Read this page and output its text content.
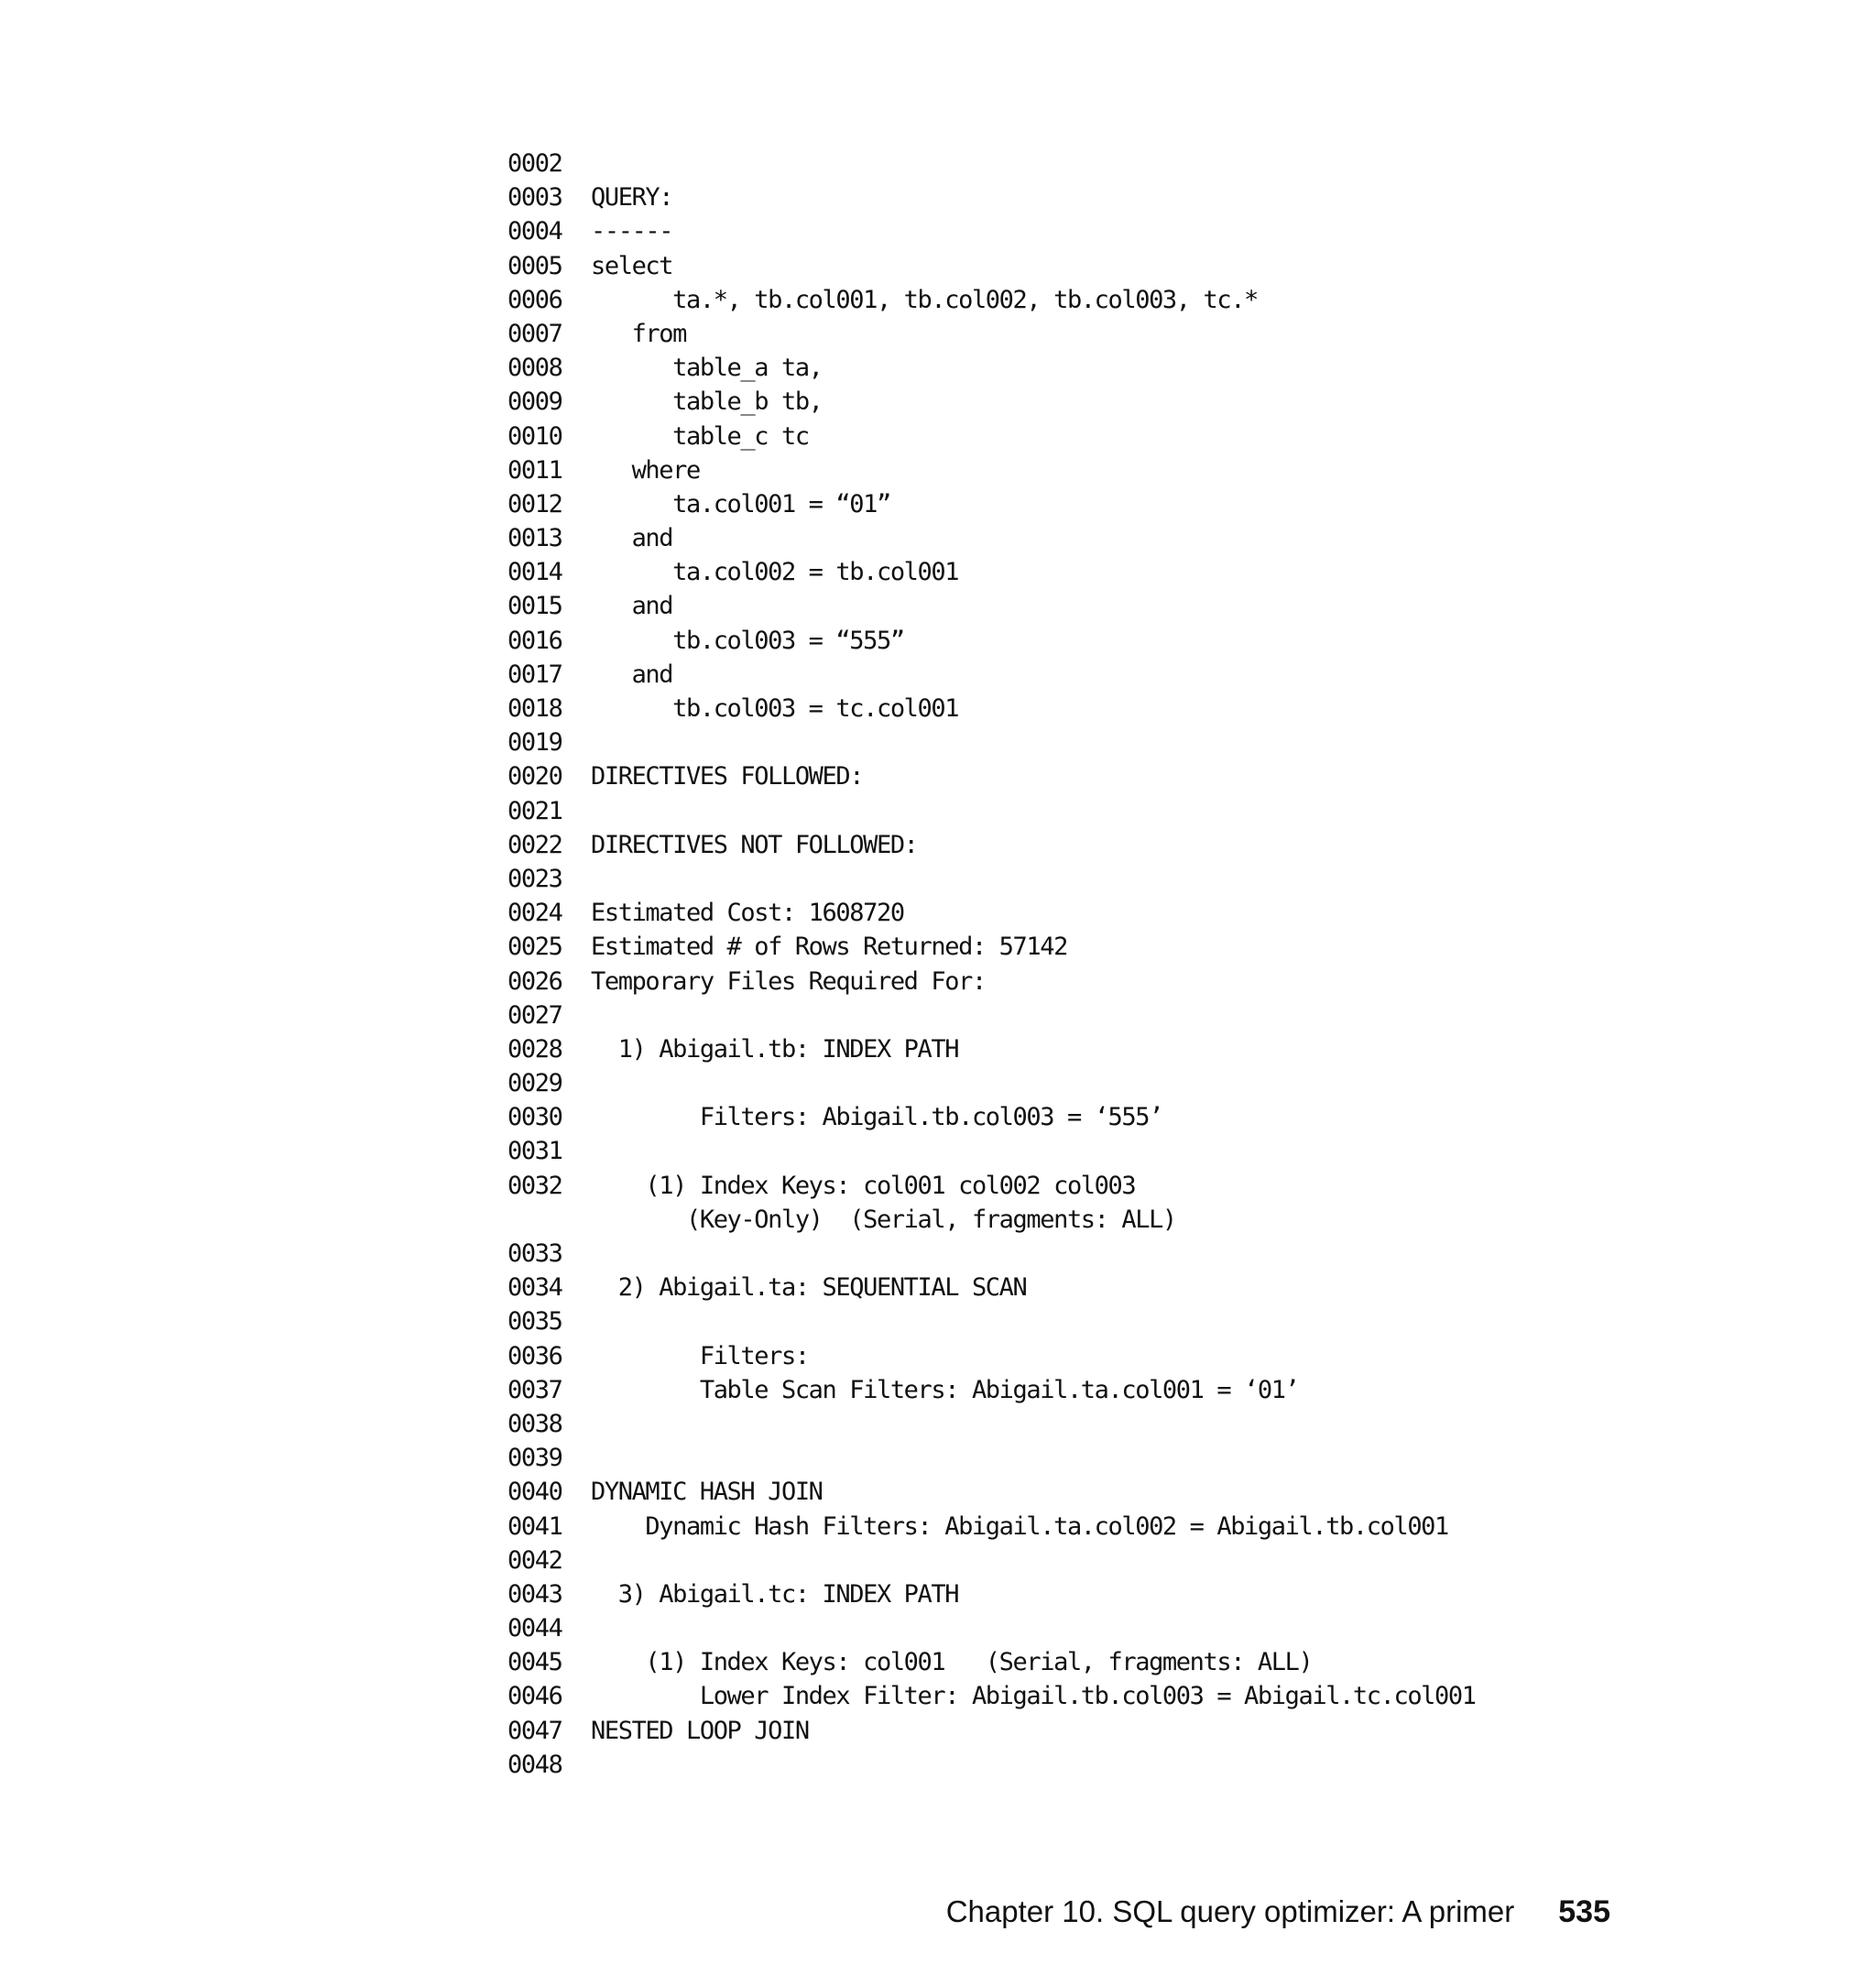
0002
0003	QUERY:
0004	------
0005	select
0006	ta.*, tb.col001, tb.col002, tb.col003, tc.*
0007	from
0008	table_a ta,
0009	table_b tb,
0010	table_c tc
0011	where
0012	ta.col001 = “01”
0013	and
0014	ta.col002 = tb.col001
0015	and
0016	tb.col003 = “555”
0017	and
0018	tb.col003 = tc.col001
0019
0020	DIRECTIVES FOLLOWED:
0021
0022	DIRECTIVES NOT FOLLOWED:
0023
0024	Estimated Cost: 1608720
0025	Estimated # of Rows Returned: 57142
0026	Temporary Files Required For:
0027
0028	1) Abigail.tb: INDEX PATH
0029
0030	Filters: Abigail.tb.col003 = ‘555’
0031
0032	(1) Index Keys: col001 col002 col003
(Key-Only)  (Serial, fragments: ALL)
0033
0034	2) Abigail.ta: SEQUENTIAL SCAN
0035
0036	Filters:
0037	Table Scan Filters: Abigail.ta.col001 = ‘01’
0038
0039
0040	DYNAMIC HASH JOIN
0041	Dynamic Hash Filters: Abigail.ta.col002 = Abigail.tb.col001
0042
0043	3) Abigail.tc: INDEX PATH
0044
0045	(1) Index Keys: col001   (Serial, fragments: ALL)
0046	Lower Index Filter: Abigail.tb.col003 = Abigail.tc.col001
0047	NESTED LOOP JOIN
0048
Chapter 10. SQL query optimizer: A primer 535
